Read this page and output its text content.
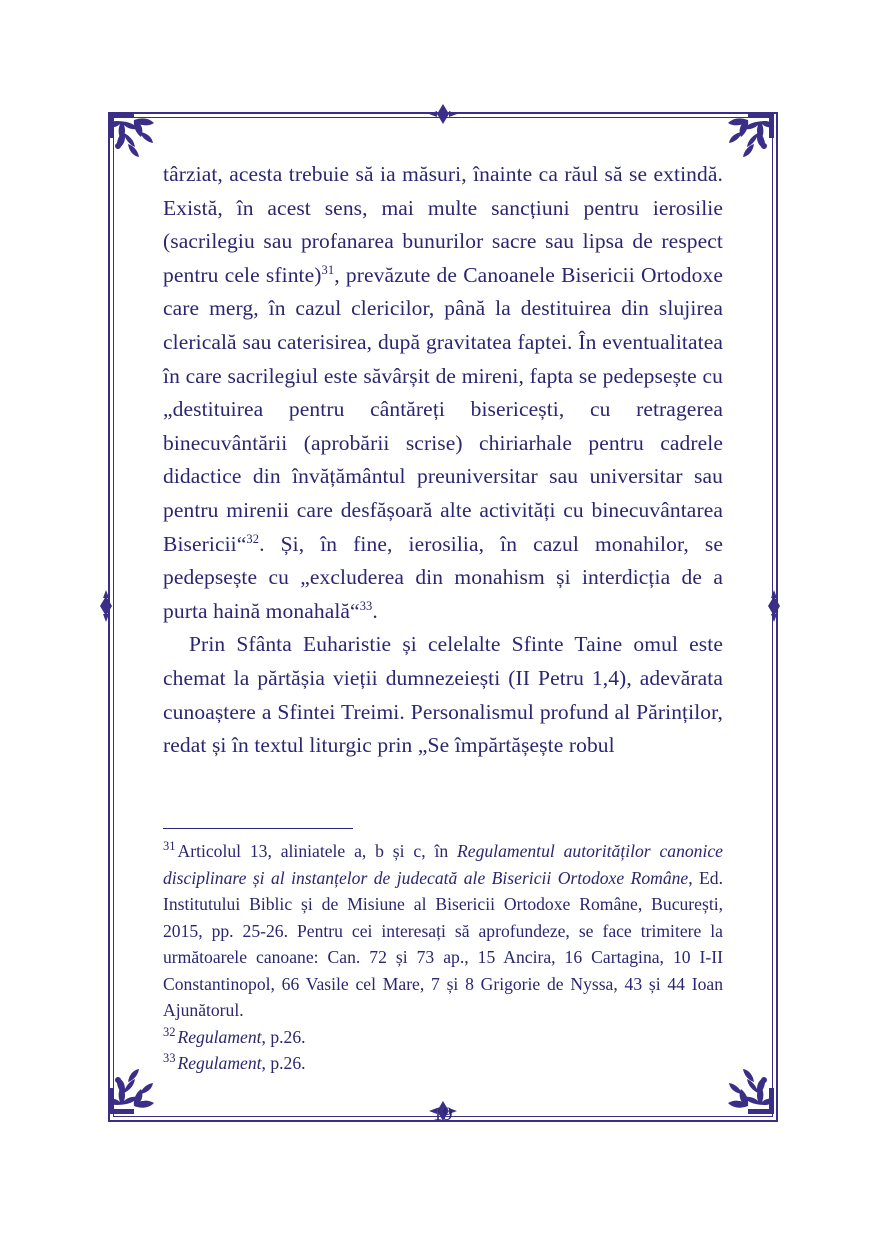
târziat, acesta trebuie să ia măsuri, înainte ca răul să se extindă. Există, în acest sens, mai multe sancțiuni pentru ierosilie (sacrilegiu sau profanarea bunurilor sacre sau lipsa de respect pentru cele sfinte)$^{31}$, prevăzute de Canoanele Bisericii Ortodoxe care merg, în cazul clericilor, până la destituirea din slujirea clericală sau caterisirea, după gravitatea faptei. În eventualitatea în care sacrilegiul este săvârșit de mireni, fapta se pedepsește cu „destituirea pentru cântăreți bisericești, cu retragerea binecuvântării (aprobării scrise) chiriarhale pentru cadrele didactice din învățământul preuniversitar sau universitar sau pentru mirenii care desfășoară alte activități cu binecuvântarea Bisericii“$^{32}$. Și, în fine, ierosilia, în cazul monahilor, se pedepsește cu „excluderea din monahism și interdicția de a purta haină monahală“$^{33}$.

Prin Sfânta Euharistie și celelalte Sfinte Taine omul este chemat la părtășia vieții dumnezeiești (II Petru 1,4), adevărata cunoaștere a Sfintei Treimi. Personalismul profund al Părinților, redat și în textul liturgic prin „Se împărtășește robul

$^{31}$ Articolul 13, aliniatele a, b și c, în Regulamentul autorităților canonice disciplinare și al instanțelor de judecată ale Bisericii Ortodoxe Române, Ed. Institutului Biblic și de Misiune al Bisericii Ortodoxe Române, București, 2015, pp. 25-26. Pentru cei interesați să aprofundeze, se face trimitere la următoarele canoane: Can. 72 și 73 ap., 15 Ancira, 16 Cartagina, 10 I-II Constantinopol, 66 Vasile cel Mare, 7 și 8 Grigorie de Nyssa, 43 și 44 Ioan Ajunătorul.

$^{32}$ Regulament, p.26.

$^{33}$ Regulament, p.26.

19
